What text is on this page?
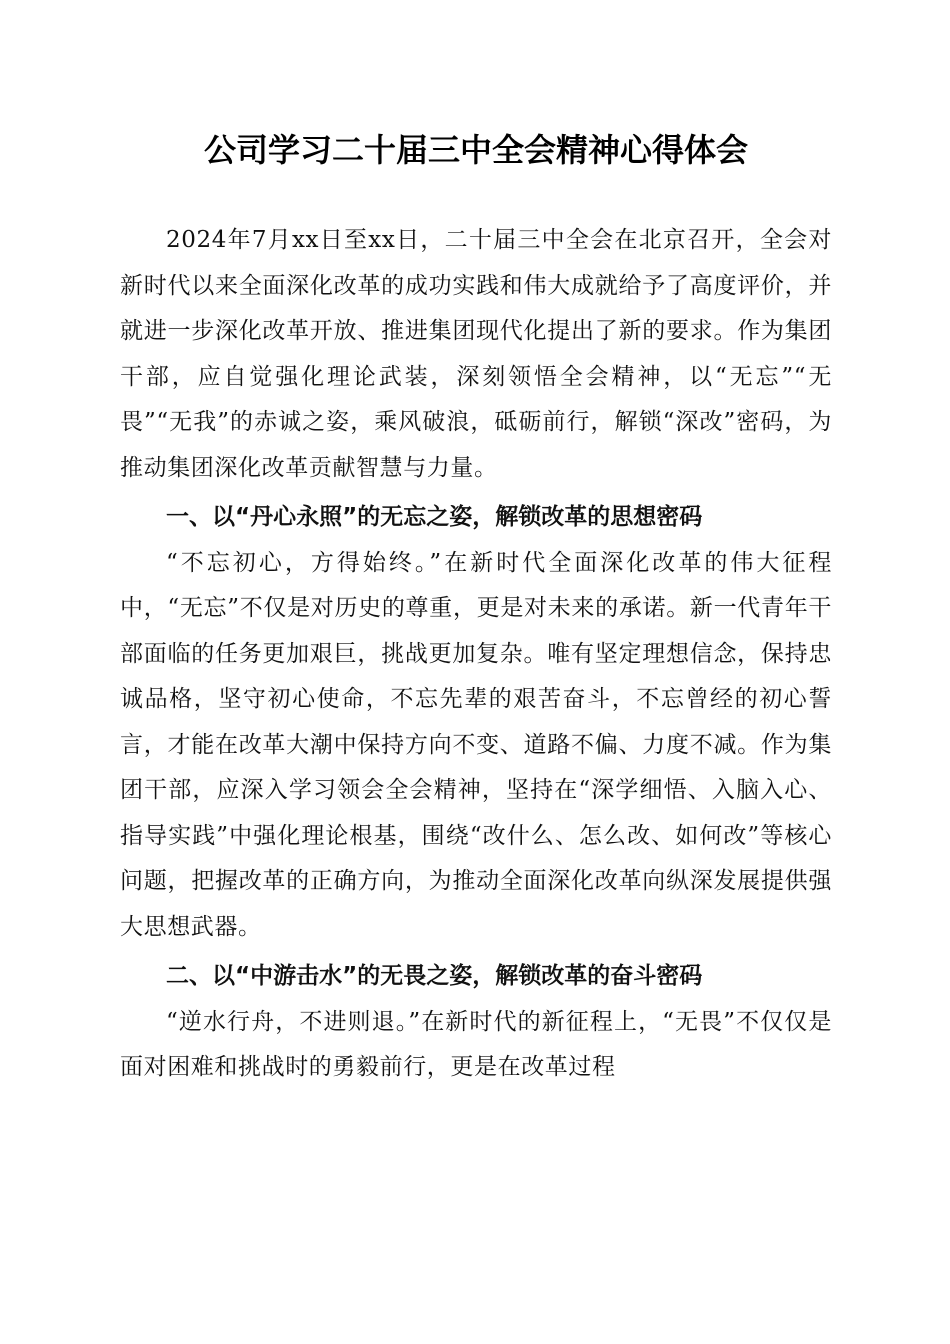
公司学习二十届三中全会精神心得体会

2024年7月xx日至xx日，二十届三中全会在北京召开，全会对新时代以来全面深化改革的成功实践和伟大成就给予了高度评价，并就进一步深化改革开放、推进集团现代化提出了新的要求。作为集团干部，应自觉强化理论武装，深刻领悟全会精神，以“无忘”“无畏”“无我”的赤诚之姿，乘风破浪，砥砺前行，解锁“深改”密码，为推动集团深化改革贡献智慧与力量。

一、以“丹心永照”的无忘之姿，解锁改革的思想密码

“不忘初心，方得始终。”在新时代全面深化改革的伟大征程中，“无忘”不仅是对历史的尊重，更是对未来的承诺。新一代青年干部面临的任务更加艰巨，挑战更加复杂。唯有坚定理想信念，保持忠诚品格，坚守初心使命，不忘先辈的艰苦奋斗，不忘曾经的初心誓言，才能在改革大潮中保持方向不变、道路不偏、力度不减。作为集团干部，应深入学习领会全会精神，坚持在“深学细悟、入脑入心、指导实践”中强化理论根基，围绕“改什么、怎么改、如何改”等核心问题，把握改革的正确方向，为推动全面深化改革向纵深发展提供强大思想武器。

二、以“中游击水”的无畏之姿，解锁改革的奋斗密码

“逆水行舟，不进则退。”在新时代的新征程上，“无畏”不仅仅是面对困难和挑战时的勇毅前行，更是在改革过程
